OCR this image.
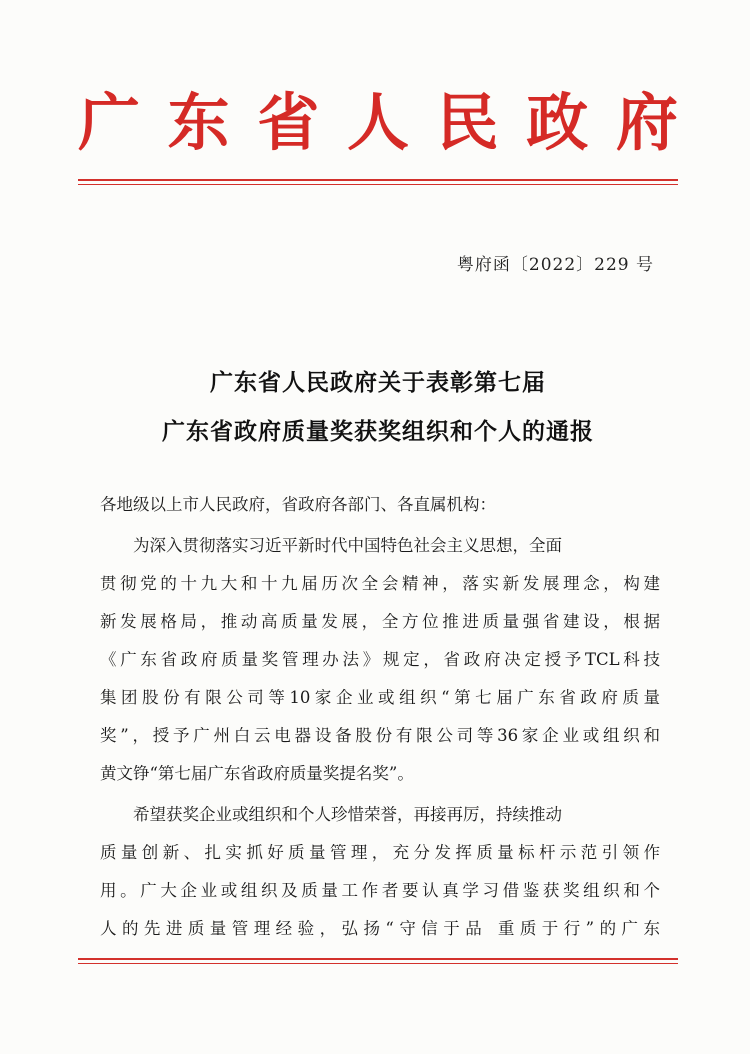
广 东 省 人 民 政 府
粤府函〔2022〕229 号
广东省人民政府关于表彰第七届
广东省政府质量奖获奖组织和个人的通报
各地级以上市人民政府，省政府各部门、各直属机构：
为深入贯彻落实习近平新时代中国特色社会主义思想，全面
贯彻党的十九大和十九届历次全会精神，落实新发展理念，构建
新发展格局，推动高质量发展，全方位推进质量强省建设，根据
《广东省政府质量奖管理办法》规定，省政府决定授予TCL科技
集团股份有限公司等10家企业或组织“第七届广东省政府质量
奖”，授予广州白云电器设备股份有限公司等36家企业或组织和
黄文铮“第七届广东省政府质量奖提名奖”。
希望获奖企业或组织和个人珍惜荣誉，再接再厉，持续推动
质量创新、扎实抓好质量管理，充分发挥质量标杆示范引领作
用。广大企业或组织及质量工作者要认真学习借鉴获奖组织和个
人的先进质量管理经验，弘扬“守信于品 重质于行”的广东
